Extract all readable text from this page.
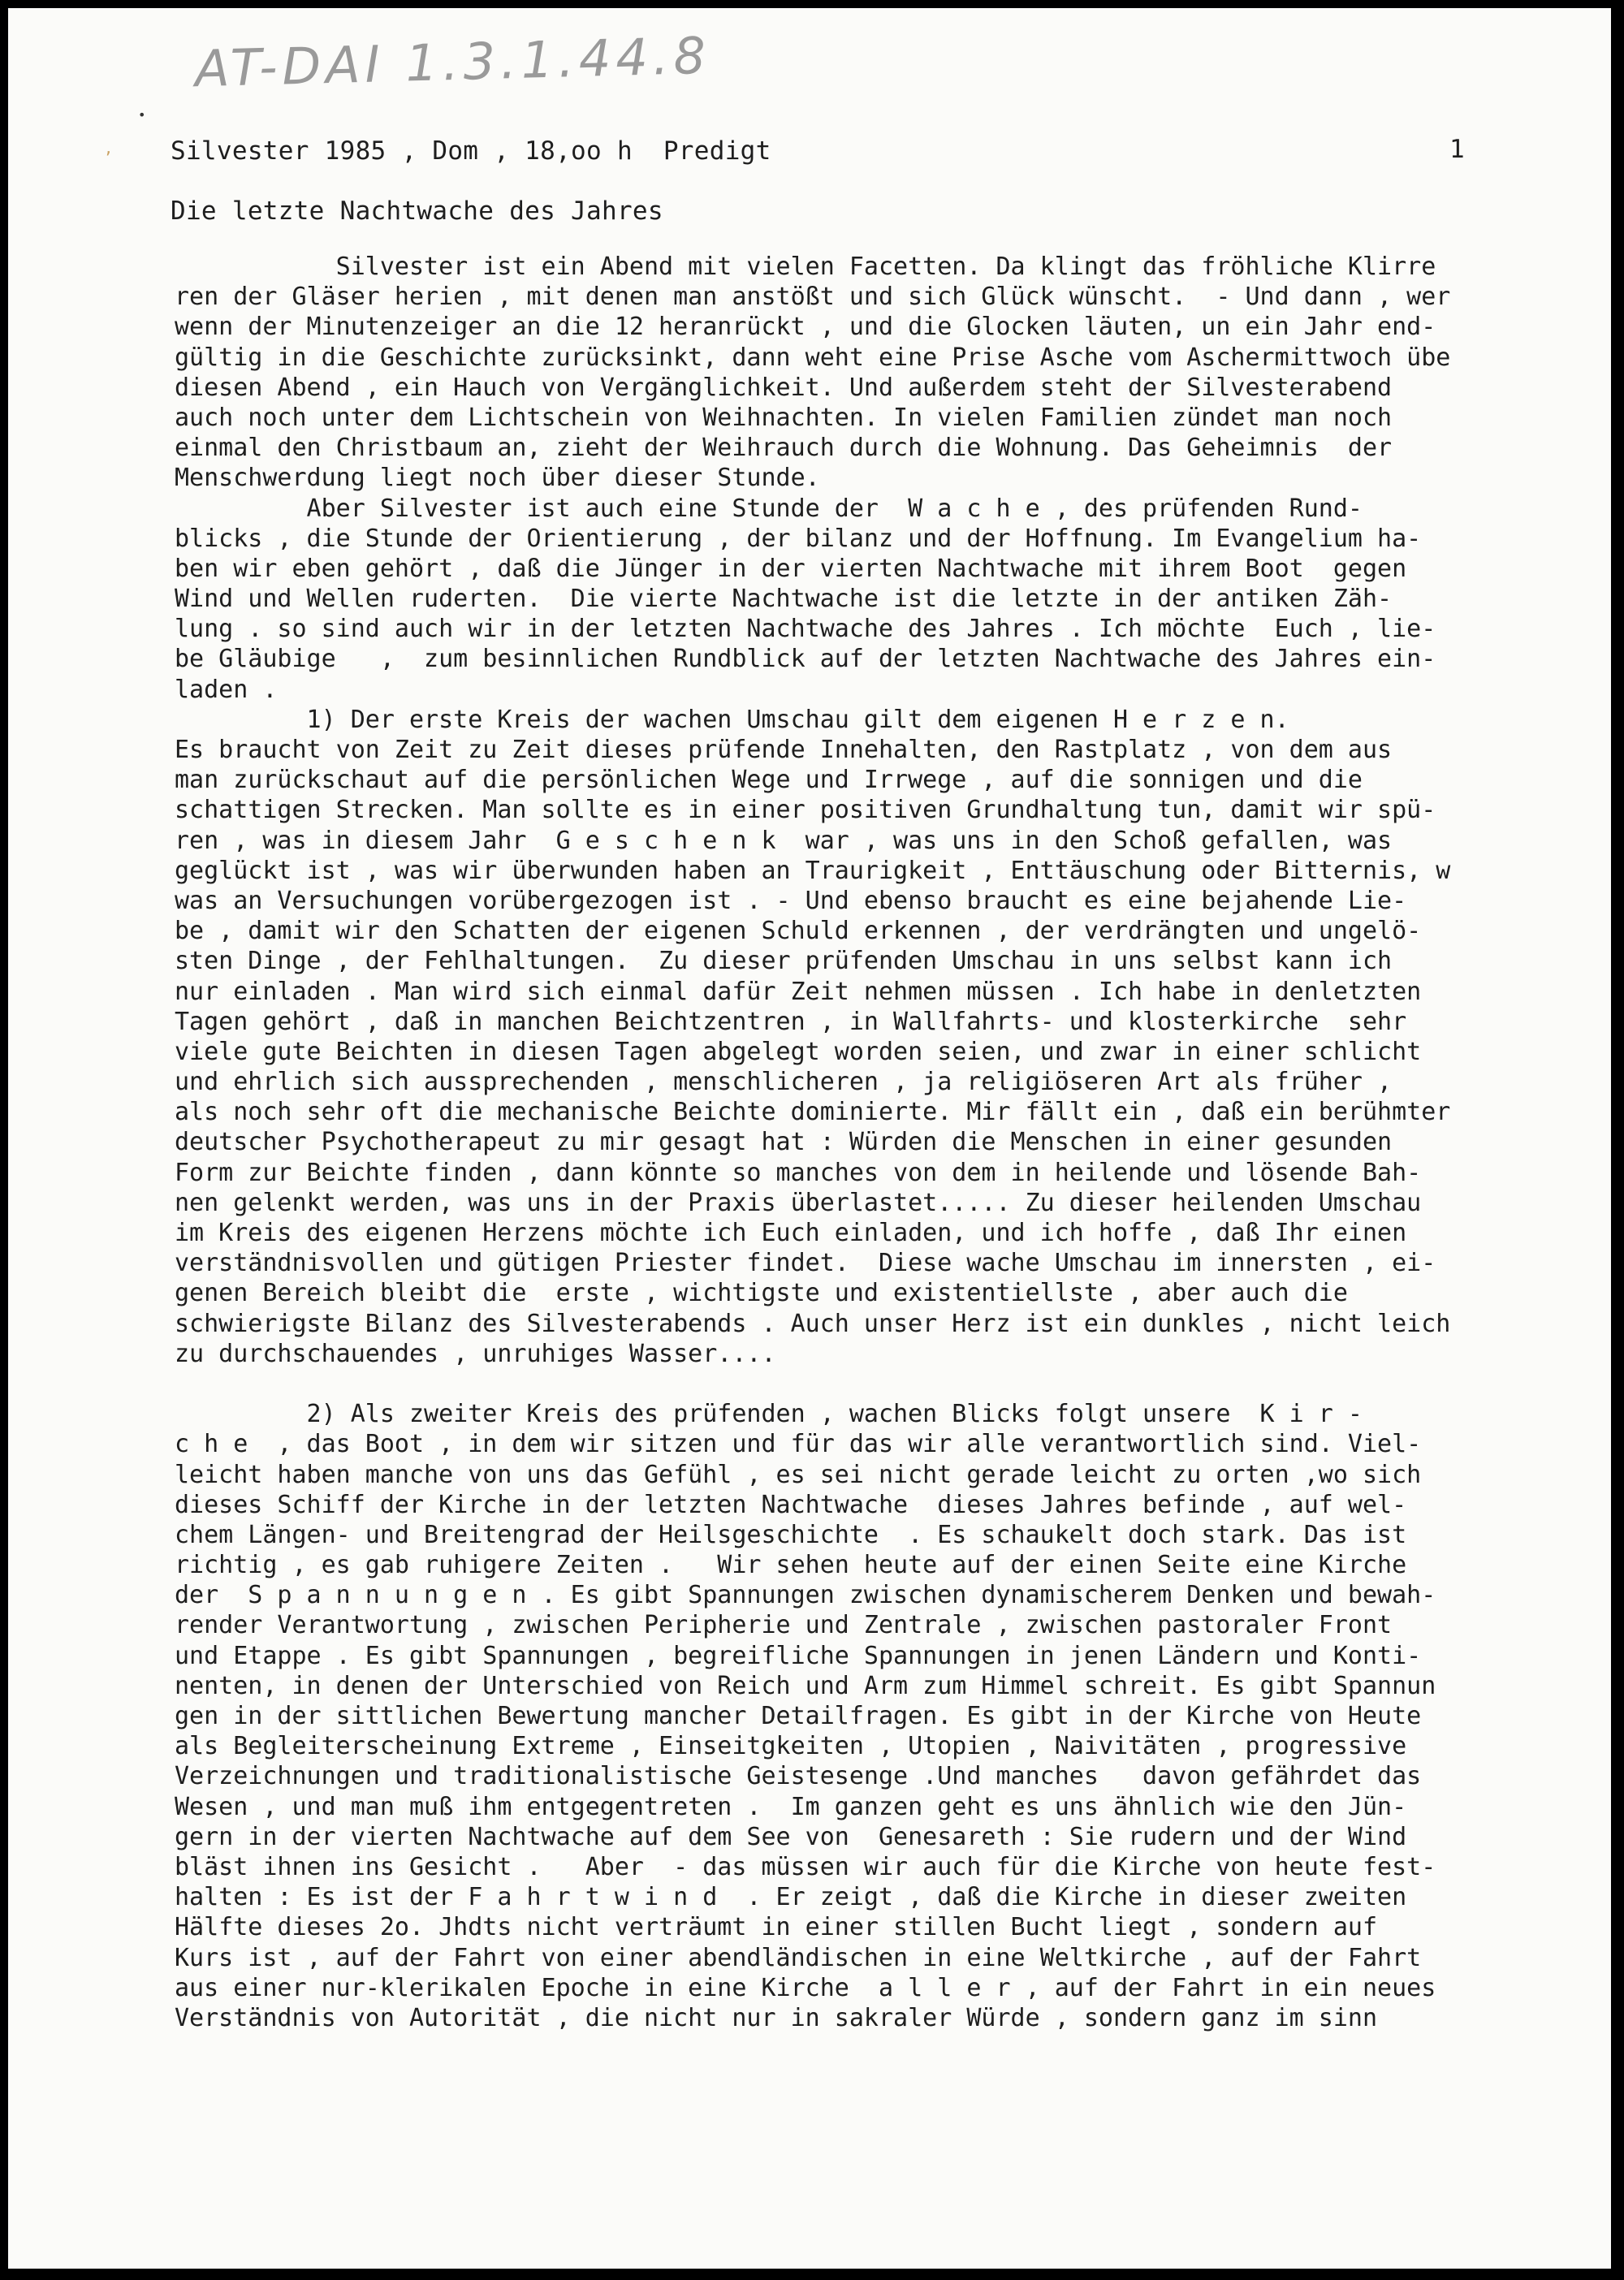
AT-DAI 1.3.1.44.8
•
, Silvester 1985 , Dom , 18,oo h  Predigt	1
Die letzte Nachtwache des Jahres
Silvester ist ein Abend mit vielen Facetten. Da klingt das fröhliche Klirre
ren der Gläser herien , mit denen man anstößt und sich Glück wünscht.  - Und dann , wer
wenn der Minutenzeiger an die 12 heranrückt , und die Glocken läuten, un ein Jahr end-
gültig in die Geschichte zurücksinkt, dann weht eine Prise Asche vom Aschermittwoch übe
diesen Abend , ein Hauch von Vergänglichkeit. Und außerdem steht der Silvesterabend
auch noch unter dem Lichtschein von Weihnachten. In vielen Familien zündet man noch
einmal den Christbaum an, zieht der Weihrauch durch die Wohnung. Das Geheimnis  der
Menschwerdung liegt noch über dieser Stunde.
Aber Silvester ist auch eine Stunde der  W a c h e , des prüfenden Rund-
blicks , die Stunde der Orientierung , der bilanz und der Hoffnung. Im Evangelium ha-
ben wir eben gehört , daß die Jünger in der vierten Nachtwache mit ihrem Boot  gegen
Wind und Wellen ruderten.  Die vierte Nachtwache ist die letzte in der antiken Zäh-
lung . so sind auch wir in der letzten Nachtwache des Jahres . Ich möchte  Euch , lie-
be Gläubige   ,  zum besinnlichen Rundblick auf der letzten Nachtwache des Jahres ein-
laden .
1) Der erste Kreis der wachen Umschau gilt dem eigenen H e r z e n.
Es braucht von Zeit zu Zeit dieses prüfende Innehalten, den Rastplatz , von dem aus
man zurückschaut auf die persönlichen Wege und Irrwege , auf die sonnigen und die
schattigen Strecken. Man sollte es in einer positiven Grundhaltung tun, damit wir spü-
ren , was in diesem Jahr  G e s c h e n k  war , was uns in den Schoß gefallen, was
geglückt ist , was wir überwunden haben an Traurigkeit , Enttäuschung oder Bitternis, w
was an Versuchungen vorübergezogen ist . - Und ebenso braucht es eine bejahende Lie-
be , damit wir den Schatten der eigenen Schuld erkennen , der verdrängten und ungelö-
sten Dinge , der Fehlhaltungen.  Zu dieser prüfenden Umschau in uns selbst kann ich
nur einladen . Man wird sich einmal dafür Zeit nehmen müssen . Ich habe in denletzten
Tagen gehört , daß in manchen Beichtzentren , in Wallfahrts- und klosterkirche  sehr
viele gute Beichten in diesen Tagen abgelegt worden seien, und zwar in einer schlicht
und ehrlich sich aussprechenden , menschlicheren , ja religiöseren Art als früher ,
als noch sehr oft die mechanische Beichte dominierte. Mir fällt ein , daß ein berühmter
deutscher Psychotherapeut zu mir gesagt hat : Würden die Menschen in einer gesunden
Form zur Beichte finden , dann könnte so manches von dem in heilende und lösende Bah-
nen gelenkt werden, was uns in der Praxis überlastet..... Zu dieser heilenden Umschau
im Kreis des eigenen Herzens möchte ich Euch einladen, und ich hoffe , daß Ihr einen
verständnisvollen und gütigen Priester findet.  Diese wache Umschau im innersten , ei-
genen Bereich bleibt die  erste , wichtigste und existentiellste , aber auch die
schwierigste Bilanz des Silvesterabends . Auch unser Herz ist ein dunkles , nicht leich
zu durchschauendes , unruhiges Wasser....
2) Als zweiter Kreis des prüfenden , wachen Blicks folgt unsere  K i r -
c h e  , das Boot , in dem wir sitzen und für das wir alle verantwortlich sind. Viel-
leicht haben manche von uns das Gefühl , es sei nicht gerade leicht zu orten ,wo sich
dieses Schiff der Kirche in der letzten Nachtwache  dieses Jahres befinde , auf wel-
chem Längen- und Breitengrad der Heilsgeschichte  . Es schaukelt doch stark. Das ist
richtig , es gab ruhigere Zeiten .   Wir sehen heute auf der einen Seite eine Kirche
der  S p a n n u n g e n . Es gibt Spannungen zwischen dynamischerem Denken und bewah-
render Verantwortung , zwischen Peripherie und Zentrale , zwischen pastoraler Front
und Etappe . Es gibt Spannungen , begreifliche Spannungen in jenen Ländern und Konti-
nenten, in denen der Unterschied von Reich und Arm zum Himmel schreit. Es gibt Spannun
gen in der sittlichen Bewertung mancher Detailfragen. Es gibt in der Kirche von Heute
als Begleiterscheinung Extreme , Einseitgkeiten , Utopien , Naivitäten , progressive
Verzeichnungen und traditionalistische Geistesenge .Und manches   davon gefährdet das
Wesen , und man muß ihm entgegentreten .  Im ganzen geht es uns ähnlich wie den Jün-
gern in der vierten Nachtwache auf dem See von  Genesareth : Sie rudern und der Wind
bläst ihnen ins Gesicht .   Aber  - das müssen wir auch für die Kirche von heute fest-
halten : Es ist der F a h r t w i n d  . Er zeigt , daß die Kirche in dieser zweiten
Hälfte dieses 2o. Jhdts nicht verträumt in einer stillen Bucht liegt , sondern auf
Kurs ist , auf der Fahrt von einer abendländischen in eine Weltkirche , auf der Fahrt
aus einer nur-klerikalen Epoche in eine Kirche  a l l e r , auf der Fahrt in ein neues
Verständnis von Autorität , die nicht nur in sakraler Würde , sondern ganz im sinn
